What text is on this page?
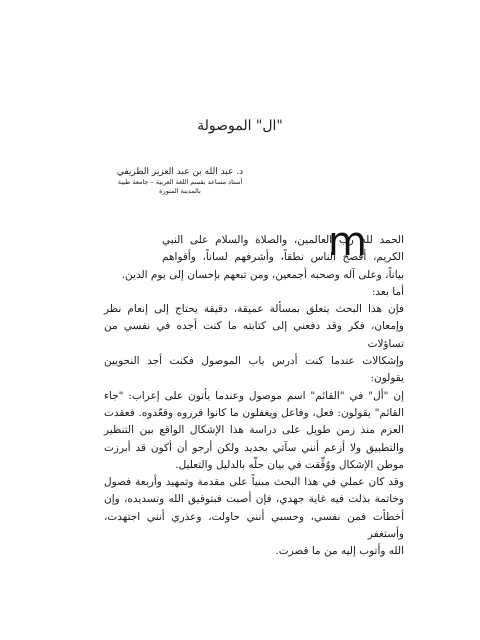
"ال" الموصولة
د. عبد الله بن عبد العزيز الطريفي
أستاذ مساعد بقسم اللغة العربية – جامعة طيبة
بالمدينة المنورة
m

الحمد لله رب العالمين، والصلاة والسلام على النبي
الكريم، أفصح الناس نطقاً، وأشرفهم لساناً، وأقواهم

بياناً، وعلى آله وصحبه أجمعين، ومن تبعهم بإحسان إلى يوم الدين.

أما بعد:

فإن هذا البحث يتعلق بمسألة عميقة، دقيقة يحتاج إلى إنعام نظر
وإمعان، فكر وقد دفعني إلى كتابته ما كنت أجده في نفسي من تساؤلات
وإشكالات عندما كنت أدرس باب الموصول فكنت أجد النحويين يقولون:
إن "أل" في "القائم" اسم موصول وعندما يأتون على إعراب: "جاء
القائم" يقولون: فعل، وفاعل ويغفلون ما كانوا قرروه وقعّدوه. فعقدت
العزم منذ زمن طويل على دراسة هذا الإشكال الواقع بين التنظير
والتطبيق ولا أزعم أنني سآتي بجديد ولكن أرجو أن أكون قد أبرزت
موطن الإشكال ووُفِّقت في بيان حلّه بالدليل والتعليل.

وقد كان عملي في هذا البحث مبنياً على مقدمة وتمهيد وأربعة فصول
وخاتمة بذلت فيه غاية جهدي، فإن أصبت فبتوفيق الله وتسديده، وإن
أخطأت فمن نفسي، وحسبي أنني حاولت، وعذري أنني اجتهدت، وأستغفر
الله وأتوب إليه من ما قصرت.
